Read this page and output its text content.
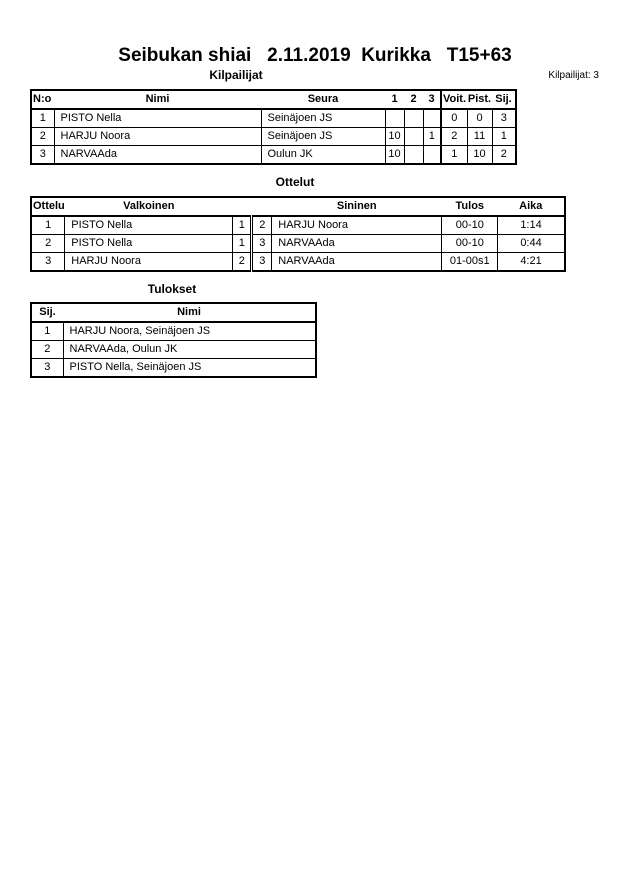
Seibukan shiai   2.11.2019  Kurikka   T15+63
Kilpailijat	Kilpailijat: 3
N:o	Nimi	Seura	1	2	3	Voit.	Pist.	Sij.
1	PISTO Nella	Seinäjoen JS				0	0	3
2	HARJU Noora	Seinäjoen JS	10		1	2	11	1
3	NARVAAda	Oulun JK	10			1	10	2
Ottelut
Ottelu	Valkoinen			Sininen	Tulos	Aika
1	PISTO Nella	1	2	HARJU Noora	00-10	1:14
2	PISTO Nella	1	3	NARVAAda	00-10	0:44
3	HARJU Noora	2	3	NARVAAda	01-00s1	4:21
Tulokset
Sij.	Nimi
1	HARJU Noora, Seinäjoen JS
2	NARVAAda, Oulun JK
3	PISTO Nella, Seinäjoen JS
